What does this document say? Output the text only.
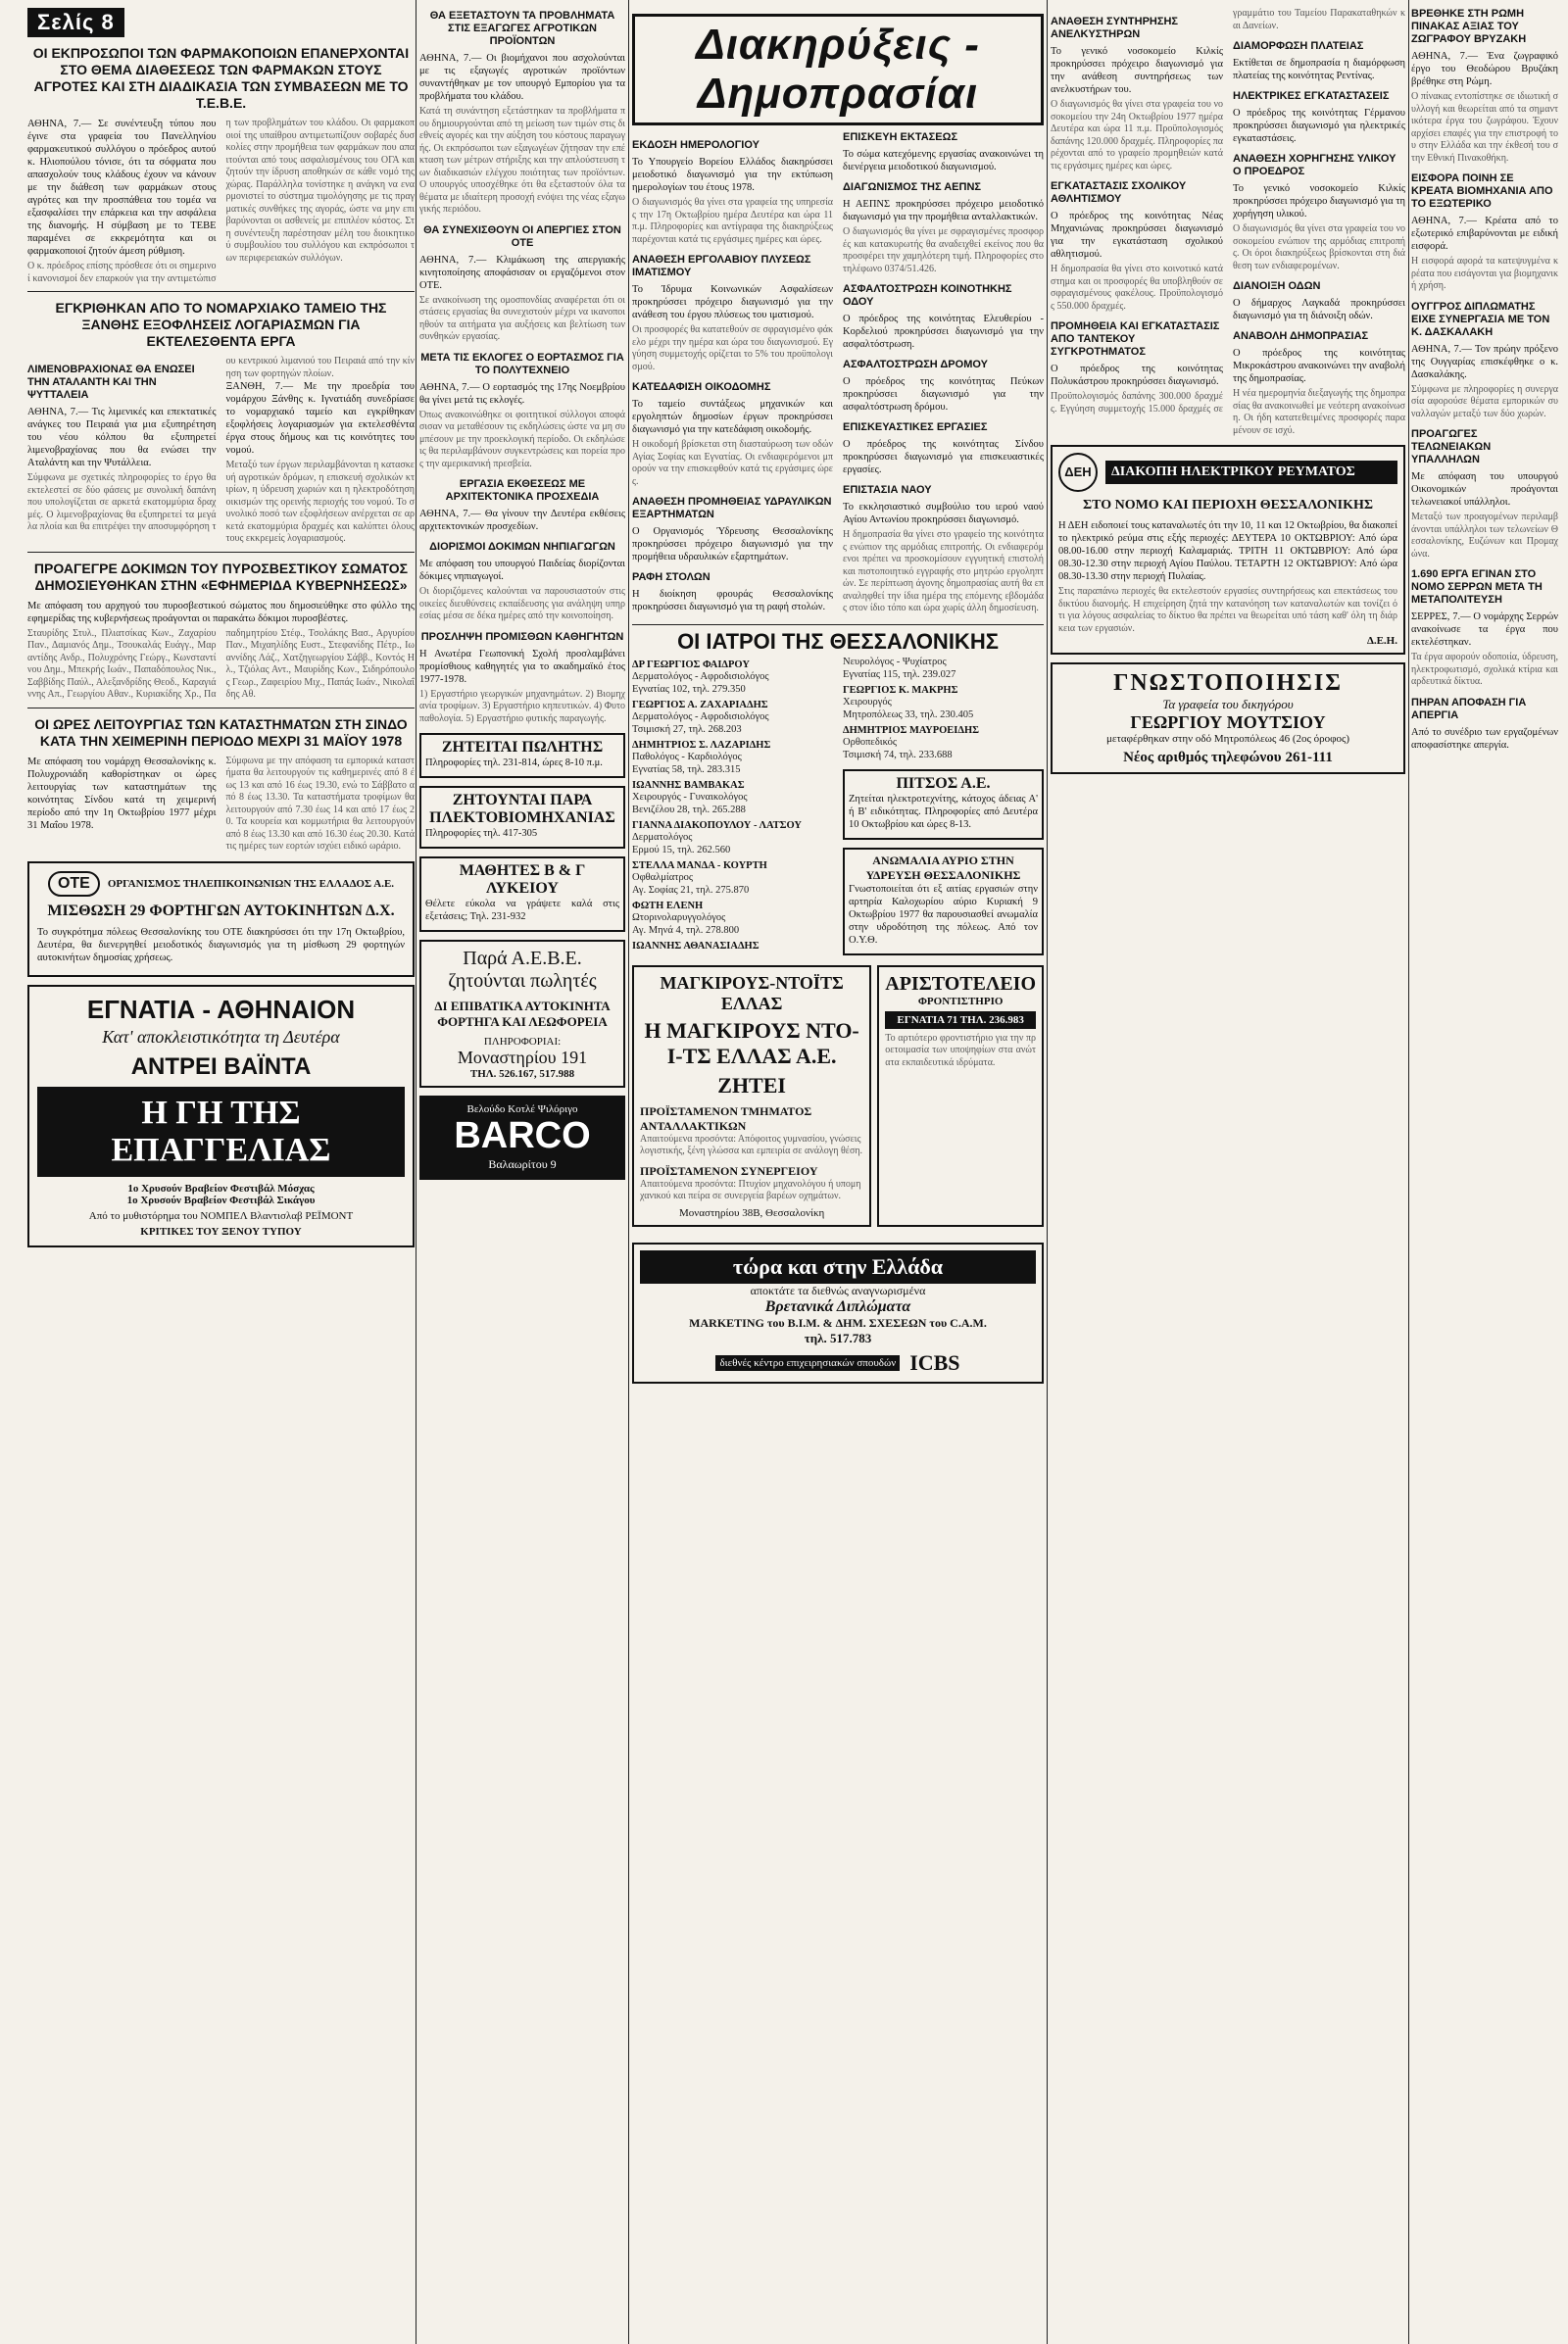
Σελίς 8
ΟΙ ΕΚΠΡΟΣΩΠΟΙ ΤΩΝ ΦΑΡΜΑΚΟΠΟΙΩΝ ΕΠΑΝΕΡΧΟΝΤΑΙ ΣΤΟ ΘΕΜΑ ΔΙΑΘΕΣΕΩΣ ΤΩΝ ΦΑΡΜΑΚΩΝ ΣΤΟΥΣ ΑΓΡΟΤΕΣ ΚΑΙ ΣΤΗ ΔΙΑΔΙΚΑΣΙΑ ΤΩΝ ΣΥΜΒΑΣΕΩΝ ΜΕ ΤΟ Τ.Ε.Β.Ε.

ΑΘΗΝΑ, 7.— Σε συνέντευξη τύπου που έγινε στα γραφεία του Πανελληνίου φαρμακευτικού συλλόγου ο πρόεδρος αυτού κ. Ηλιοπούλου τόνισε, ότι τα σόφματα που απασχολούν τους κλάδους έχουν να κάνουν με την διάθεση των φαρμάκων στους αγρότες και την προσπάθεια του τομέα να εξασφαλίσει την επάρκεια και την ασφάλεια της διανομής. Η σύμβαση με το ΤΕΒΕ παραμένει σε εκκρεμότητα και οι φαρμακοποιοί ζητούν άμεση ρύθμιση.

Ο κ. πρόεδρος επίσης πρόσθεσε ότι οι σημερινοί κανονισμοί δεν επαρκούν για την αντιμετώπιση των προβλημάτων του κλάδου. Οι φαρμακοποιοί της υπαίθρου αντιμετωπίζουν σοβαρές δυσκολίες στην προμήθεια των φαρμάκων που απαιτούνται από τους ασφαλισμένους του ΟΓΑ και ζητούν την ίδρυση αποθηκών σε κάθε νομό της χώρας. Παράλληλα τονίστηκε η ανάγκη να εναρμονιστεί το σύστημα τιμολόγησης με τις πραγματικές συνθήκες της αγοράς, ώστε να μην επιβαρύνονται οι ασθενείς με επιπλέον κόστος. Στη συνέντευξη παρέστησαν μέλη του διοικητικού συμβουλίου του συλλόγου και εκπρόσωποι των περιφερειακών συλλόγων.
ΕΓΚΡΙΘΗΚΑΝ ΑΠΟ ΤΟ ΝΟΜΑΡΧΙΑΚΟ ΤΑΜΕΙΟ ΤΗΣ ΞΑΝΘΗΣ ΕΞΟΦΛΗΣΕΙΣ ΛΟΓΑΡΙΑΣΜΩΝ ΓΙΑ ΕΚΤΕΛΕΣΘΕΝΤΑ ΕΡΓΑ
ΛΙΜΕΝΟΒΡΑΧΙΟΝΑΣ ΘΑ ΕΝΩΣΕΙ ΤΗΝ ΑΤΑΛΑΝΤΗ ΚΑΙ ΤΗΝ ΨΥΤΤΑΛΕΙΑ

ΑΘΗΝΑ, 7.— Τις λιμενικές και επεκτατικές ανάγκες του Πειραιά για μια εξυπηρέτηση του νέου κόλπου θα εξυπηρετεί λιμενοβραχίονας που θα ενώσει την Αταλάντη και την Ψυτάλλεια.

Σύμφωνα με σχετικές πληροφορίες το έργο θα εκτελεστεί σε δύο φάσεις με συνολική δαπάνη που υπολογίζεται σε αρκετά εκατομμύρια δραχμές. Ο λιμενοβραχίονας θα εξυπηρετεί τα μεγάλα πλοία και θα επιτρέψει την αποσυμφόρηση του κεντρικού λιμανιού του Πειραιά από την κίνηση των φορτηγών πλοίων.

ΞΑΝΘΗ, 7.— Με την προεδρία του νομάρχου Ξάνθης κ. Ιγνατιάδη συνεδρίασε το νομαρχιακό ταμείο και εγκρίθηκαν εξοφλήσεις λογαριασμών για εκτελεσθέντα έργα στους δήμους και τις κοινότητες του νομού.

Μεταξύ των έργων περιλαμβάνονται η κατασκευή αγροτικών δρόμων, η επισκευή σχολικών κτιρίων, η ύδρευση χωριών και η ηλεκτροδότηση οικισμών της ορεινής περιοχής του νομού. Το συνολικό ποσό των εξοφλήσεων ανέρχεται σε αρκετά εκατομμύρια δραχμές και καλύπτει όλους τους εκκρεμείς λογαριασμούς.
ΠΡΟΑΓΕΓΡΕ ΔΟΚΙΜΩΝ ΤΟΥ ΠΥΡΟΣΒΕΣΤΙΚΟΥ ΣΩΜΑΤΟΣ ΔΗΜΟΣΙΕΥΘΗΚΑΝ ΣΤΗΝ «ΕΦΗΜΕΡΙΔΑ ΚΥΒΕΡΝΗΣΕΩΣ»

Με απόφαση του αρχηγού του πυροσβεστικού σώματος που δημοσιεύθηκε στο φύλλο της εφημερίδας της κυβερνήσεως προάγονται οι παρακάτω δόκιμοι πυροσβέστες.

Σταυρίδης Στυλ., Πλιατσίκας Κων., Ζαχαρίου Παν., Δαμιανός Δημ., Τσουκαλάς Ευάγγ., Μαραντίδης Ανδρ., Πολυχρόνης Γεώργ., Κωνσταντίνου Δημ., Μπεκρής Ιωάν., Παπαδόπουλος Νικ., Σαββίδης Παύλ., Αλεξανδρίδης Θεοδ., Καραγιάννης Απ., Γεωργίου Αθαν., Κυριακίδης Χρ., Παπαδημητρίου Στέφ., Τσολάκης Βασ., Αργυρίου Παν., Μιχαηλίδης Ευστ., Στεφανίδης Πέτρ., Ιωαννίδης Λάζ., Χατζηγεωργίου Σάββ., Κοντός Ηλ., Τζιόλας Αντ., Μαυρίδης Κων., Σιδηρόπουλος Γεωρ., Ζαφειρίου Μιχ., Παπάς Ιωάν., Νικολαΐδης Αθ.
ΟΙ ΩΡΕΣ ΛΕΙΤΟΥΡΓΙΑΣ ΤΩΝ ΚΑΤΑΣΤΗΜΑΤΩΝ ΣΤΗ ΣΙΝΔΟ ΚΑΤΑ ΤΗΝ ΧΕΙΜΕΡΙΝΗ ΠΕΡΙΟΔΟ ΜΕΧΡΙ 31 ΜΑΪΟΥ 1978

Με απόφαση του νομάρχη Θεσσαλονίκης κ. Πολυχρονιάδη καθορίστηκαν οι ώρες λειτουργίας των καταστημάτων της κοινότητας Σίνδου κατά τη χειμερινή περίοδο από την 1η Οκτωβρίου 1977 μέχρι 31 Μαΐου 1978.

Σύμφωνα με την απόφαση τα εμπορικά καταστήματα θα λειτουργούν τις καθημερινές από 8 έως 13 και από 16 έως 19.30, ενώ το Σάββατο από 8 έως 13.30. Τα καταστήματα τροφίμων θα λειτουργούν από 7.30 έως 14 και από 17 έως 20. Τα κουρεία και κομμωτήρια θα λειτουργούν από 8 έως 13.30 και από 16.30 έως 20.30. Κατά τις ημέρες των εορτών ισχύει ειδικό ωράριο.
ΟΤΕ	ΟΡΓΑΝΙΣΜΟΣ ΤΗΛΕΠΙΚΟΙΝΩΝΙΩΝ ΤΗΣ ΕΛΛΑΔΟΣ Α.Ε.
ΜΙΣΘΩΣΗ 29 ΦΟΡΤΗΓΩΝ ΑΥΤΟΚΙΝΗΤΩΝ Δ.Χ.

Το συγκρότημα πόλεως Θεσσαλονίκης του ΟΤΕ διακηρύσσει ότι την 17η Οκτωβρίου, Δευτέρα, θα διενεργηθεί μειοδοτικός διαγωνισμός για τη μίσθωση 29 φορτηγών αυτοκινήτων δημοσίας χρήσεως.

ΕΓΝΑΤΙΑ - ΑΘΗΝΑΙΟΝ
Κατ' αποκλειστικότητα τη Δευτέρα
ΑΝΤΡΕΙ ΒΑΪΝΤΑ
Η ΓΗ ΤΗΣ ΕΠΑΓΓΕΛΙΑΣ
1ο Χρυσούν Βραβείον Φεστιβάλ Μόσχας
1ο Χρυσούν Βραβείον Φεστιβάλ Σικάγου
Από το μυθιστόρημα του ΝΟΜΠΕΛ Βλαντισλαβ ΡΕΪΜΟΝΤ
ΚΡΙΤΙΚΕΣ ΤΟΥ ΞΕΝΟΥ ΤΥΠΟΥ
ΘΑ ΕΞΕΤΑΣΤΟΥΝ ΤΑ ΠΡΟΒΛΗΜΑΤΑ ΣΤΙΣ ΕΞΑΓΩΓΕΣ ΑΓΡΟΤΙΚΩΝ ΠΡΟΪΟΝΤΩΝ

ΑΘΗΝΑ, 7.— Οι βιομήχανοι που ασχολούνται με τις εξαγωγές αγροτικών προϊόντων συναντήθηκαν με τον υπουργό Εμπορίου για τα προβλήματα του κλάδου.

Κατά τη συνάντηση εξετάστηκαν τα προβλήματα που δημιουργούνται από τη μείωση των τιμών στις διεθνείς αγορές και την αύξηση του κόστους παραγωγής. Οι εκπρόσωποι των εξαγωγέων ζήτησαν την επέκταση των μέτρων στήριξης και την απλούστευση των διαδικασιών ελέγχου ποιότητας των προϊόντων. Ο υπουργός υποσχέθηκε ότι θα εξεταστούν όλα τα θέματα με ιδιαίτερη προσοχή ενόψει της νέας εξαγωγικής περιόδου.
ΘΑ ΣΥΝΕΧΙΣΘΟΥΝ ΟΙ ΑΠΕΡΓΙΕΣ ΣΤΟΝ ΟΤΕ

ΑΘΗΝΑ, 7.— Κλιμάκωση της απεργιακής κινητοποίησης αποφάσισαν οι εργαζόμενοι στον ΟΤΕ.

Σε ανακοίνωση της ομοσπονδίας αναφέρεται ότι οι στάσεις εργασίας θα συνεχιστούν μέχρι να ικανοποιηθούν τα αιτήματα για αυξήσεις και βελτίωση των συνθηκών εργασίας.
ΜΕΤΑ ΤΙΣ ΕΚΛΟΓΕΣ Ο ΕΟΡΤΑΣΜΟΣ ΓΙΑ ΤΟ ΠΟΛΥΤΕΧΝΕΙΟ

ΑΘΗΝΑ, 7.— Ο εορτασμός της 17ης Νοεμβρίου θα γίνει μετά τις εκλογές.

Όπως ανακοινώθηκε οι φοιτητικοί σύλλογοι αποφάσισαν να μεταθέσουν τις εκδηλώσεις ώστε να μη συμπέσουν με την προεκλογική περίοδο. Οι εκδηλώσεις θα περιλαμβάνουν συγκεντρώσεις και πορεία προς την αμερικανική πρεσβεία.
ΕΡΓΑΣΙΑ ΕΚΘΕΣΕΩΣ ΜΕ ΑΡΧΙΤΕΚΤΟΝΙΚΑ ΠΡΟΣΧΕΔΙΑ

ΑΘΗΝΑ, 7.— Θα γίνουν την Δευτέρα εκθέσεις αρχιτεκτονικών προσχεδίων.

ΔΙΟΡΙΣΜΟΙ ΔΟΚΙΜΩΝ ΝΗΠΙΑΓΩΓΩΝ

Με απόφαση του υπουργού Παιδείας διορίζονται δόκιμες νηπιαγωγοί.

Οι διοριζόμενες καλούνται να παρουσιαστούν στις οικείες διευθύνσεις εκπαίδευσης για ανάληψη υπηρεσίας μέσα σε δέκα ημέρες από την κοινοποίηση.
ΠΡΟΣΛΗΨΗ ΠΡΟΜΙΣΘΩΝ ΚΑΘΗΓΗΤΩΝ

Η Ανωτέρα Γεωπονική Σχολή προσλαμβάνει προμίσθιους καθηγητές για το ακαδημαϊκό έτος 1977-1978.

1) Εργαστήριο γεωργικών μηχανημάτων. 2) Βιομηχανία τροφίμων. 3) Εργαστήριο κηπευτικών. 4) Φυτοπαθολογία. 5) Εργαστήριο φυτικής παραγωγής.
ΖΗΤΕΙΤΑΙ ΠΩΛΗΤΗΣ

Πληροφορίες τηλ. 231-814, ώρες 8-10 π.μ.

ΖΗΤΟΥΝΤΑΙ ΠΑΡΑ ΠΛΕΚΤΟΒΙΟΜΗΧΑΝΙΑΣ

Πληροφορίες τηλ. 417-305

ΜΑΘΗΤΕΣ Β & Γ ΛΥΚΕΙΟΥ

Θέλετε εύκολα να γράψετε καλά στις εξετάσεις; Τηλ. 231-932

Παρά Α.Ε.Β.Ε.
ζητούνται πωλητές
ΔΙ ΕΠΙΒΑΤΙΚΑ ΑΥΤΟΚΙΝΗΤΑ ΦΟΡΤΗΓΑ ΚΑΙ ΛΕΩΦΟΡΕΙΑ
ΠΛΗΡΟΦΟΡΙΑΙ:
Μοναστηρίου 191
ΤΗΛ. 526.167, 517.988
Βελούδο Κοτλέ Ψιλόριγο
BARCO
Βαλαωρίτου 9
Διακηρύξεις - Δημοπρασίαι
ΕΚΔΟΣΗ ΗΜΕΡΟΛΟΓΙΟΥ

Το Υπουργείο Βορείου Ελλάδος διακηρύσσει μειοδοτικό διαγωνισμό για την εκτύπωση ημερολογίων του έτους 1978.

Ο διαγωνισμός θα γίνει στα γραφεία της υπηρεσίας την 17η Οκτωβρίου ημέρα Δευτέρα και ώρα 11 π.μ. Πληροφορίες και αντίγραφα της διακηρύξεως παρέχονται κατά τις εργάσιμες ημέρες και ώρες.
ΑΝΑΘΕΣΗ ΕΡΓΟΛΑΒΙΟΥ ΠΛΥΣΕΩΣ ΙΜΑΤΙΣΜΟΥ

Το Ίδρυμα Κοινωνικών Ασφαλίσεων προκηρύσσει πρόχειρο διαγωνισμό για την ανάθεση του έργου πλύσεως του ιματισμού.

Οι προσφορές θα κατατεθούν σε σφραγισμένο φάκελο μέχρι την ημέρα και ώρα του διαγωνισμού. Εγγύηση συμμετοχής ορίζεται το 5% του προϋπολογισμού.
ΚΑΤΕΔΑΦΙΣΗ ΟΙΚΟΔΟΜΗΣ

Το ταμείο συντάξεως μηχανικών και εργοληπτών δημοσίων έργων προκηρύσσει διαγωνισμό για την κατεδάφιση οικοδομής.

Η οικοδομή βρίσκεται στη διασταύρωση των οδών Αγίας Σοφίας και Εγνατίας. Οι ενδιαφερόμενοι μπορούν να την επισκεφθούν κατά τις εργάσιμες ώρες.
ΑΝΑΘΕΣΗ ΠΡΟΜΗΘΕΙΑΣ ΥΔΡΑΥΛΙΚΩΝ ΕΞΑΡΤΗΜΑΤΩΝ

Ο Οργανισμός Ύδρευσης Θεσσαλονίκης προκηρύσσει πρόχειρο διαγωνισμό για την προμήθεια υδραυλικών εξαρτημάτων.

ΡΑΦΗ ΣΤΟΛΩΝ

Η διοίκηση φρουράς Θεσσαλονίκης προκηρύσσει διαγωνισμό για τη ραφή στολών.

ΕΠΙΣΚΕΥΗ ΕΚΤΑΣΕΩΣ

Το σώμα κατεχόμενης εργασίας ανακοινώνει τη διενέργεια μειοδοτικού διαγωνισμού.

ΔΙΑΓΩΝΙΣΜΟΣ ΤΗΣ ΑΕΠΝΣ

Η ΑΕΠΝΣ προκηρύσσει πρόχειρο μειοδοτικό διαγωνισμό για την προμήθεια ανταλλακτικών.

Ο διαγωνισμός θα γίνει με σφραγισμένες προσφορές και κατακυρωτής θα αναδειχθεί εκείνος που θα προσφέρει την χαμηλότερη τιμή. Πληροφορίες στο τηλέφωνο 0374/51.426.
ΑΣΦΑΛΤΟΣΤΡΩΣΗ ΚΟΙΝΟΤΗΚΗΣ ΟΔΟΥ

Ο πρόεδρος της κοινότητας Ελευθερίου - Κορδελιού προκηρύσσει διαγωνισμό για την ασφαλτόστρωση.

ΑΣΦΑΛΤΟΣΤΡΩΣΗ ΔΡΟΜΟΥ

Ο πρόεδρος της κοινότητας Πεύκων προκηρύσσει διαγωνισμό για την ασφαλτόστρωση δρόμου.

ΕΠΙΣΚΕΥΑΣΤΙΚΕΣ ΕΡΓΑΣΙΕΣ

Ο πρόεδρος της κοινότητας Σίνδου προκηρύσσει διαγωνισμό για επισκευαστικές εργασίες.

ΕΠΙΣΤΑΣΙΑ ΝΑΟΥ

Το εκκλησιαστικό συμβούλιο του ιερού ναού Αγίου Αντωνίου προκηρύσσει διαγωνισμό.

Η δημοπρασία θα γίνει στο γραφείο της κοινότητας ενώπιον της αρμόδιας επιτροπής. Οι ενδιαφερόμενοι πρέπει να προσκομίσουν εγγυητική επιστολή και πιστοποιητικό εγγραφής στο μητρώο εργοληπτών. Σε περίπτωση άγονης δημοπρασίας αυτή θα επαναληφθεί την ίδια ημέρα της επόμενης εβδομάδας στον ίδιο τόπο και ώρα χωρίς άλλη δημοσίευση.
ΟΙ ΙΑΤΡΟΙ ΤΗΣ ΘΕΣΣΑΛΟΝΙΚΗΣ
ΔΡ ΓΕΩΡΓΙΟΣ ΦΑΙΔΡΟΥ
Δερματολόγος - Αφροδισιολόγος
Εγνατίας 102, τηλ. 279.350
ΓΕΩΡΓΙΟΣ Α. ΖΑΧΑΡΙΑΔΗΣ
Δερματολόγος - Αφροδισιολόγος
Τσιμισκή 27, τηλ. 268.203
ΔΗΜΗΤΡΙΟΣ Σ. ΛΑΖΑΡΙΔΗΣ
Παθολόγος - Καρδιολόγος
Εγνατίας 58, τηλ. 283.315
ΙΩΑΝΝΗΣ ΒΑΜΒΑΚΑΣ
Χειρουργός - Γυναικολόγος
Βενιζέλου 28, τηλ. 265.288
ΓΙΑΝΝΑ ΔΙΑΚΟΠΟΥΛΟΥ - ΛΑΤΣΟΥ
Δερματολόγος
Ερμού 15, τηλ. 262.560
ΣΤΕΛΛΑ ΜΑΝΔΑ - ΚΟΥΡΤΗ
Οφθαλμίατρος
Αγ. Σοφίας 21, τηλ. 275.870
ΦΩΤΗ ΕΛΕΝΗ
Ωτορινολαρυγγολόγος
Αγ. Μηνά 4, τηλ. 278.800
ΙΩΑΝΝΗΣ ΑΘΑΝΑΣΙΑΔΗΣ
Νευρολόγος - Ψυχίατρος
Εγνατίας 115, τηλ. 239.027
ΓΕΩΡΓΙΟΣ Κ. ΜΑΚΡΗΣ
Χειρουργός
Μητροπόλεως 33, τηλ. 230.405
ΔΗΜΗΤΡΙΟΣ ΜΑΥΡΟΕΙΔΗΣ
Ορθοπεδικός
Τσιμισκή 74, τηλ. 233.688
ΠΙΤΣΟΣ Α.Ε.

Ζητείται ηλεκτροτεχνίτης, κάτοχος άδειας Α' ή Β' ειδικότητας. Πληροφορίες από Δευτέρα 10 Οκτωβρίου και ώρες 8-13.

ΑΝΩΜΑΛΙΑ ΑΥΡΙΟ ΣΤΗΝ ΥΔΡΕΥΣΗ ΘΕΣΣΑΛΟΝΙΚΗΣ

Γνωστοποιείται ότι εξ αιτίας εργασιών στην αρτηρία Καλοχωρίου αύριο Κυριακή 9 Οκτωβρίου 1977 θα παρουσιασθεί ανωμαλία στην υδροδότηση της πόλεως. Από τον Ο.Υ.Θ.

ΜΑΓΚΙΡΟΥΣ-ΝΤΟΪΤΣ ΕΛΛΑΣ
Η ΜΑΓΚΙΡΟΥΣ ΝΤΟ-Ι-ΤΣ ΕΛΛΑΣ Α.Ε.
ΖΗΤΕΙ
ΠΡΟΪΣΤΑΜΕΝΟΝ ΤΜΗΜΑΤΟΣ ΑΝΤΑΛΛΑΚΤΙΚΩΝ
Απαιτούμενα προσόντα: Απόφοιτος γυμνασίου, γνώσεις λογιστικής, ξένη γλώσσα και εμπειρία σε ανάλογη θέση.
ΠΡΟΪΣΤΑΜΕΝΟΝ ΣΥΝΕΡΓΕΙΟΥ
Απαιτούμενα προσόντα: Πτυχίον μηχανολόγου ή υπομηχανικού και πείρα σε συνεργεία βαρέων οχημάτων.
Μοναστηρίου 38Β, Θεσσαλονίκη
ΑΡΙΣΤΟΤΕΛΕΙΟ
ΦΡΟΝΤΙΣΤΗΡΙΟ
ΕΓΝΑΤΙΑ 71 ΤΗΛ. 236.983
Το αρτιότερο φροντιστήριο για την προετοιμασία των υποψηφίων στα ανώτατα εκπαιδευτικά ιδρύματα.
τώρα και στην Ελλάδα
αποκτάτε τα διεθνώς αναγνωρισμένα
Βρετανικά Διπλώματα
MARKETING του B.I.M. & ΔΗΜ. ΣΧΕΣΕΩΝ του C.A.M.
τηλ. 517.783
διεθνές κέντρο επιχειρησιακών σπουδών ICBS
ΑΝΑΘΕΣΗ ΣΥΝΤΗΡΗΣΗΣ ΑΝΕΛΚΥΣΤΗΡΩΝ

Το γενικό νοσοκομείο Κιλκίς προκηρύσσει πρόχειρο διαγωνισμό για την ανάθεση συντηρήσεως των ανελκυστήρων του.

Ο διαγωνισμός θα γίνει στα γραφεία του νοσοκομείου την 24η Οκτωβρίου 1977 ημέρα Δευτέρα και ώρα 11 π.μ. Προϋπολογισμός δαπάνης 120.000 δραχμές. Πληροφορίες παρέχονται από το γραφείο προμηθειών κατά τις εργάσιμες ημέρες και ώρες.
ΕΓΚΑΤΑΣΤΑΣΙΣ ΣΧΟΛΙΚΟΥ ΑΘΛΗΤΙΣΜΟΥ

Ο πρόεδρος της κοινότητας Νέας Μηχανιώνας προκηρύσσει διαγωνισμό για την εγκατάσταση σχολικού αθλητισμού.

Η δημοπρασία θα γίνει στο κοινοτικό κατάστημα και οι προσφορές θα υποβληθούν σε σφραγισμένους φακέλους. Προϋπολογισμός 550.000 δραχμές.
ΠΡΟΜΗΘΕΙΑ ΚΑΙ ΕΓΚΑΤΑΣΤΑΣΙΣ ΑΠΟ ΤΑΝΤΕΚΟΥ ΣΥΓΚΡΟΤΗΜΑΤΟΣ

Ο πρόεδρος της κοινότητας Πολυκάστρου προκηρύσσει διαγωνισμό.

Προϋπολογισμός δαπάνης 300.000 δραχμές. Εγγύηση συμμετοχής 15.000 δραχμές σε γραμμάτιο του Ταμείου Παρακαταθηκών και Δανείων.
ΔΙΑΜΟΡΦΩΣΗ ΠΛΑΤΕΙΑΣ

Εκτίθεται σε δημοπρασία η διαμόρφωση πλατείας της κοινότητας Ρεντίνας.

ΗΛΕΚΤΡΙΚΕΣ ΕΓΚΑΤΑΣΤΑΣΕΙΣ

Ο πρόεδρος της κοινότητας Γέρμανου προκηρύσσει διαγωνισμό για ηλεκτρικές εγκαταστάσεις.

ΑΝΑΘΕΣΗ ΧΟΡΗΓΗΣΗΣ ΥΛΙΚΟΥ Ο ΠΡΟΕΔΡΟΣ

Το γενικό νοσοκομείο Κιλκίς προκηρύσσει πρόχειρο διαγωνισμό για τη χορήγηση υλικού.

Ο διαγωνισμός θα γίνει στα γραφεία του νοσοκομείου ενώπιον της αρμόδιας επιτροπής. Οι όροι διακηρύξεως βρίσκονται στη διάθεση των ενδιαφερομένων.
ΔΙΑΝΟΙΞΗ ΟΔΩΝ

Ο δήμαρχος Λαγκαδά προκηρύσσει διαγωνισμό για τη διάνοιξη οδών.

ΑΝΑΒΟΛΗ ΔΗΜΟΠΡΑΣΙΑΣ

Ο πρόεδρος της κοινότητας Μικροκάστρου ανακοινώνει την αναβολή της δημοπρασίας.

Η νέα ημερομηνία διεξαγωγής της δημοπρασίας θα ανακοινωθεί με νεότερη ανακοίνωση. Οι ήδη κατατεθειμένες προσφορές παραμένουν σε ισχύ.
ΔΕΗ	ΔΙΑΚΟΠΗ ΗΛΕΚΤΡΙΚΟΥ ΡΕΥΜΑΤΟΣ
ΣΤΟ ΝΟΜΟ ΚΑΙ ΠΕΡΙΟΧΗ ΘΕΣΣΑΛΟΝΙΚΗΣ

Η ΔΕΗ ειδοποιεί τους καταναλωτές ότι την 10, 11 και 12 Οκτωβρίου, θα διακοπεί το ηλεκτρικό ρεύμα στις εξής περιοχές: ΔΕΥΤΕΡΑ 10 ΟΚΤΩΒΡΙΟΥ: Από ώρα 08.00-16.00 στην περιοχή Καλαμαριάς. ΤΡΙΤΗ 11 ΟΚΤΩΒΡΙΟΥ: Από ώρα 08.30-12.30 στην περιοχή Αγίου Παύλου. ΤΕΤΑΡΤΗ 12 ΟΚΤΩΒΡΙΟΥ: Από ώρα 08.30-13.30 στην περιοχή Πυλαίας.

Στις παραπάνω περιοχές θα εκτελεστούν εργασίες συντηρήσεως και επεκτάσεως του δικτύου διανομής. Η επιχείρηση ζητά την κατανόηση των καταναλωτών και τονίζει ότι για λόγους ασφαλείας το δίκτυο θα πρέπει να θεωρείται υπό τάση καθ' όλη τη διάρκεια των εργασιών.
Δ.Ε.Η.
ΓΝΩΣΤΟΠΟΙΗΣΙΣ
Τα γραφεία του δικηγόρου
ΓΕΩΡΓΙΟΥ ΜΟΥΤΣΙΟΥ
μεταφέρθηκαν στην οδό Μητροπόλεως 46 (2ος όροφος)
Νέος αριθμός τηλεφώνου 261-111
ΒΡΕΘΗΚΕ ΣΤΗ ΡΩΜΗ ΠΙΝΑΚΑΣ ΑΞΙΑΣ ΤΟΥ ΖΩΓΡΑΦΟΥ ΒΡΥΖΑΚΗ

ΑΘΗΝΑ, 7.— Ένα ζωγραφικό έργο του Θεοδώρου Βρυζάκη βρέθηκε στη Ρώμη.

Ο πίνακας εντοπίστηκε σε ιδιωτική συλλογή και θεωρείται από τα σημαντικότερα έργα του ζωγράφου. Έχουν αρχίσει επαφές για την επιστροφή του στην Ελλάδα και την έκθεσή του στην Εθνική Πινακοθήκη.
ΕΙΣΦΟΡΑ ΠΟΙΝΗ ΣΕ ΚΡΕΑΤΑ ΒΙΟΜΗΧΑΝΙΑ ΑΠΟ ΤΟ ΕΞΩΤΕΡΙΚΟ

ΑΘΗΝΑ, 7.— Κρέατα από το εξωτερικό επιβαρύνονται με ειδική εισφορά.

Η εισφορά αφορά τα κατεψυγμένα κρέατα που εισάγονται για βιομηχανική χρήση.
ΟΥΓΓΡΟΣ ΔΙΠΛΩΜΑΤΗΣ ΕΙΧΕ ΣΥΝΕΡΓΑΣΙΑ ΜΕ ΤΟΝ Κ. ΔΑΣΚΑΛΑΚΗ

ΑΘΗΝΑ, 7.— Τον πρώην πρόξενο της Ουγγαρίας επισκέφθηκε ο κ. Δασκαλάκης.

Σύμφωνα με πληροφορίες η συνεργασία αφορούσε θέματα εμπορικών συναλλαγών μεταξύ των δύο χωρών.
ΠΡΟΑΓΩΓΕΣ ΤΕΛΩΝΕΙΑΚΩΝ ΥΠΑΛΛΗΛΩΝ

Με απόφαση του υπουργού Οικονομικών προάγονται τελωνειακοί υπάλληλοι.

Μεταξύ των προαγομένων περιλαμβάνονται υπάλληλοι των τελωνείων Θεσσαλονίκης, Ευζώνων και Προμαχώνα.
1.690 ΕΡΓΑ ΕΓΙΝΑΝ ΣΤΟ ΝΟΜΟ ΣΕΡΡΩΝ ΜΕΤΑ ΤΗ ΜΕΤΑΠΟΛΙΤΕΥΣΗ

ΣΕΡΡΕΣ, 7.— Ο νομάρχης Σερρών ανακοίνωσε τα έργα που εκτελέστηκαν.

Τα έργα αφορούν οδοποιία, ύδρευση, ηλεκτροφωτισμό, σχολικά κτίρια και αρδευτικά δίκτυα.
ΠΗΡΑΝ ΑΠΟΦΑΣΗ ΓΙΑ ΑΠΕΡΓΙΑ

Από το συνέδριο των εργαζομένων αποφασίστηκε απεργία.
